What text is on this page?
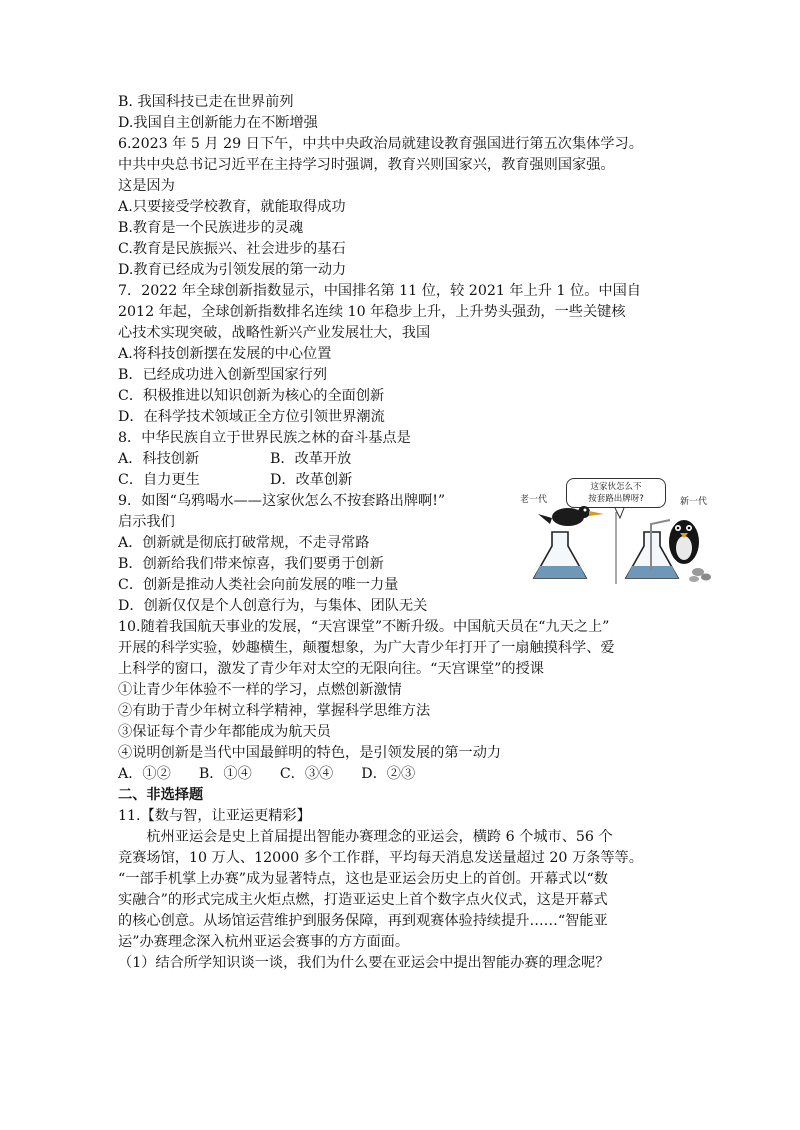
B. 我国科技已走在世界前列
D.我国自主创新能力在不断增强
6.2023 年 5 月 29 日下午，中共中央政治局就建设教育强国进行第五次集体学习。
中共中央总书记习近平在主持学习时强调，教育兴则国家兴，教育强则国家强。
这是因为
A.只要接受学校教育，就能取得成功
B.教育是一个民族进步的灵魂
C.教育是民族振兴、社会进步的基石
D.教育已经成为引领发展的第一动力
7．2022 年全球创新指数显示，中国排名第 11 位，较 2021 年上升 1 位。中国自
2012 年起，全球创新指数排名连续 10 年稳步上升，上升势头强劲，一些关键核
心技术实现突破，战略性新兴产业发展壮大，我国
A.将科技创新摆在发展的中心位置
B．已经成功进入创新型国家行列
C．积极推进以知识创新为核心的全面创新
D．在科学技术领域正全方位引领世界潮流
8．中华民族自立于世界民族之林的奋斗基点是
A．科技创新	B．改革开放
C．自力更生	D．改革创新
9．如图“乌鸦喝水——这家伙怎么不按套路出牌啊!”
启示我们
A．创新就是彻底打破常规，不走寻常路
B．创新给我们带来惊喜，我们要勇于创新
C．创新是推动人类社会向前发展的唯一力量
D．创新仅仅是个人创意行为，与集体、团队无关
10.随着我国航天事业的发展，“天宫课堂”不断升级。中国航天员在“九天之上”
开展的科学实验，妙趣横生，颠覆想象，为广大青少年打开了一扇触摸科学、爱
上科学的窗口，激发了青少年对太空的无限向往。“天宫课堂”的授课
①让青少年体验不一样的学习，点燃创新激情
②有助于青少年树立科学精神，掌握科学思维方法
③保证每个青少年都能成为航天员
④说明创新是当代中国最鲜明的特色，是引领发展的第一动力
A．①② B．①④ C．③④ D．②③
二、非选择题
11.【数与智，让亚运更精彩】
杭州亚运会是史上首届提出智能办赛理念的亚运会，横跨 6 个城市、56 个
竞赛场馆，10 万人、12000 多个工作群，平均每天消息发送量超过 20 万条等等。
“一部手机掌上办赛”成为显著特点，这也是亚运会历史上的首创。开幕式以“数
实融合”的形式完成主火炬点燃，打造亚运史上首个数字点火仪式，这是开幕式
的核心创意。从场馆运营维护到服务保障，再到观赛体验持续提升……“智能亚
运”办赛理念深入杭州亚运会赛事的方方面面。
（1）结合所学知识谈一谈，我们为什么要在亚运会中提出智能办赛的理念呢？
老一代	新一代
这家伙怎么不
按套路出牌呀?
